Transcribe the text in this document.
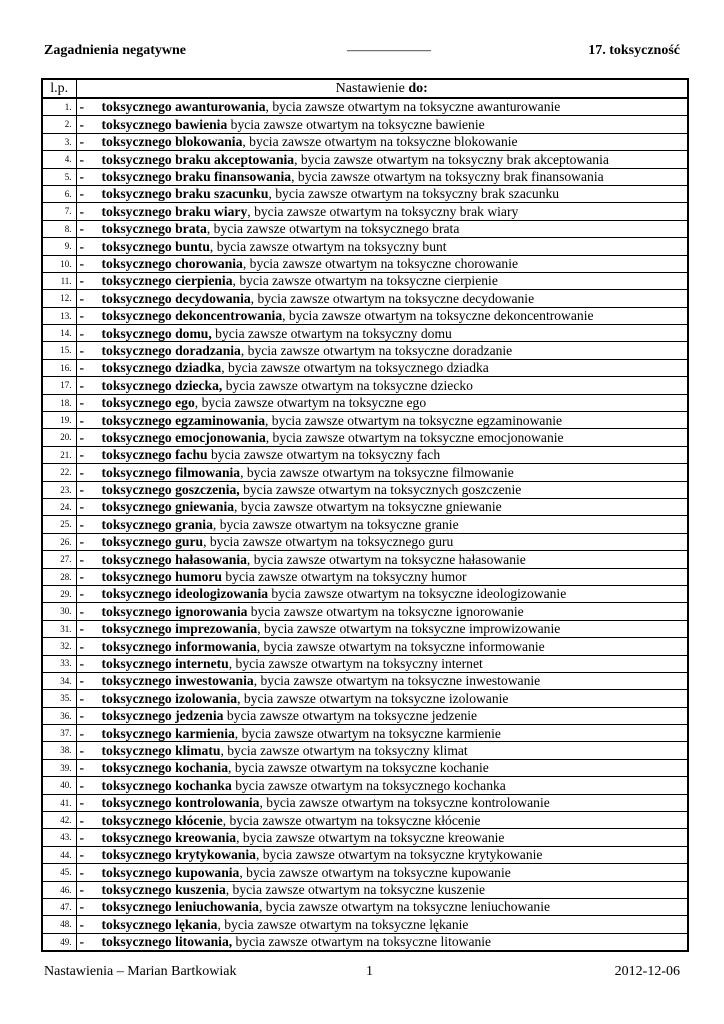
Zagadnienia negatywne	——————	17. toksyczność
l.p.	Nastawienie do:
1.	- toksycznego awanturowania, bycia zawsze otwartym na toksyczne awanturowanie
2.	- toksycznego bawienia bycia zawsze otwartym na toksyczne bawienie
3.	- toksycznego blokowania, bycia zawsze otwartym na toksyczne blokowanie
4.	- toksycznego braku akceptowania, bycia zawsze otwartym na toksyczny brak akceptowania
5.	- toksycznego braku finansowania, bycia zawsze otwartym na toksyczny brak finansowania
6.	- toksycznego braku szacunku, bycia zawsze otwartym na toksyczny brak szacunku
7.	- toksycznego braku wiary, bycia zawsze otwartym na toksyczny brak wiary
8.	- toksycznego brata, bycia zawsze otwartym na toksycznego brata
9.	- toksycznego buntu, bycia zawsze otwartym na toksyczny bunt
10.	- toksycznego chorowania, bycia zawsze otwartym na toksyczne chorowanie
11.	- toksycznego cierpienia, bycia zawsze otwartym na toksyczne cierpienie
12.	- toksycznego decydowania, bycia zawsze otwartym na toksyczne decydowanie
13.	- toksycznego dekoncentrowania, bycia zawsze otwartym na toksyczne dekoncentrowanie
14.	- toksycznego domu, bycia zawsze otwartym na toksyczny domu
15.	- toksycznego doradzania, bycia zawsze otwartym na toksyczne doradzanie
16.	- toksycznego dziadka, bycia zawsze otwartym na toksycznego dziadka
17.	- toksycznego dziecka, bycia zawsze otwartym na toksyczne dziecko
18.	- toksycznego ego, bycia zawsze otwartym na toksyczne ego
19.	- toksycznego egzaminowania, bycia zawsze otwartym na toksyczne egzaminowanie
20.	- toksycznego emocjonowania, bycia zawsze otwartym na toksyczne emocjonowanie
21.	- toksycznego fachu bycia zawsze otwartym na toksyczny fach
22.	- toksycznego filmowania, bycia zawsze otwartym na toksyczne filmowanie
23.	- toksycznego goszczenia, bycia zawsze otwartym na toksycznych goszczenie
24.	- toksycznego gniewania, bycia zawsze otwartym na toksyczne gniewanie
25.	- toksycznego grania, bycia zawsze otwartym na toksyczne granie
26.	- toksycznego guru, bycia zawsze otwartym na toksycznego guru
27.	- toksycznego hałasowania, bycia zawsze otwartym na toksyczne hałasowanie
28.	- toksycznego humoru bycia zawsze otwartym na toksyczny humor
29.	- toksycznego ideologizowania bycia zawsze otwartym na toksyczne ideologizowanie
30.	- toksycznego ignorowania bycia zawsze otwartym na toksyczne ignorowanie
31.	- toksycznego imprezowania, bycia zawsze otwartym na toksyczne improwizowanie
32.	- toksycznego informowania, bycia zawsze otwartym na toksyczne informowanie
33.	- toksycznego internetu, bycia zawsze otwartym na toksyczny internet
34.	- toksycznego inwestowania, bycia zawsze otwartym na toksyczne inwestowanie
35.	- toksycznego izolowania, bycia zawsze otwartym na toksyczne izolowanie
36.	- toksycznego jedzenia bycia zawsze otwartym na toksyczne jedzenie
37.	- toksycznego karmienia, bycia zawsze otwartym na toksyczne karmienie
38.	- toksycznego klimatu, bycia zawsze otwartym na toksyczny klimat
39.	- toksycznego kochania, bycia zawsze otwartym na toksyczne kochanie
40.	- toksycznego kochanka bycia zawsze otwartym na toksycznego kochanka
41.	- toksycznego kontrolowania, bycia zawsze otwartym na toksyczne kontrolowanie
42.	- toksycznego kłócenie, bycia zawsze otwartym na toksyczne kłócenie
43.	- toksycznego kreowania, bycia zawsze otwartym na toksyczne kreowanie
44.	- toksycznego krytykowania, bycia zawsze otwartym na toksyczne krytykowanie
45.	- toksycznego kupowania, bycia zawsze otwartym na toksyczne kupowanie
46.	- toksycznego kuszenia, bycia zawsze otwartym na toksyczne kuszenie
47.	- toksycznego leniuchowania, bycia zawsze otwartym na toksyczne leniuchowanie
48.	- toksycznego lękania, bycia zawsze otwartym na toksyczne lękanie
49.	- toksycznego litowania, bycia zawsze otwartym na toksyczne litowanie
Nastawienia – Marian Bartkowiak	1	2012-12-06
